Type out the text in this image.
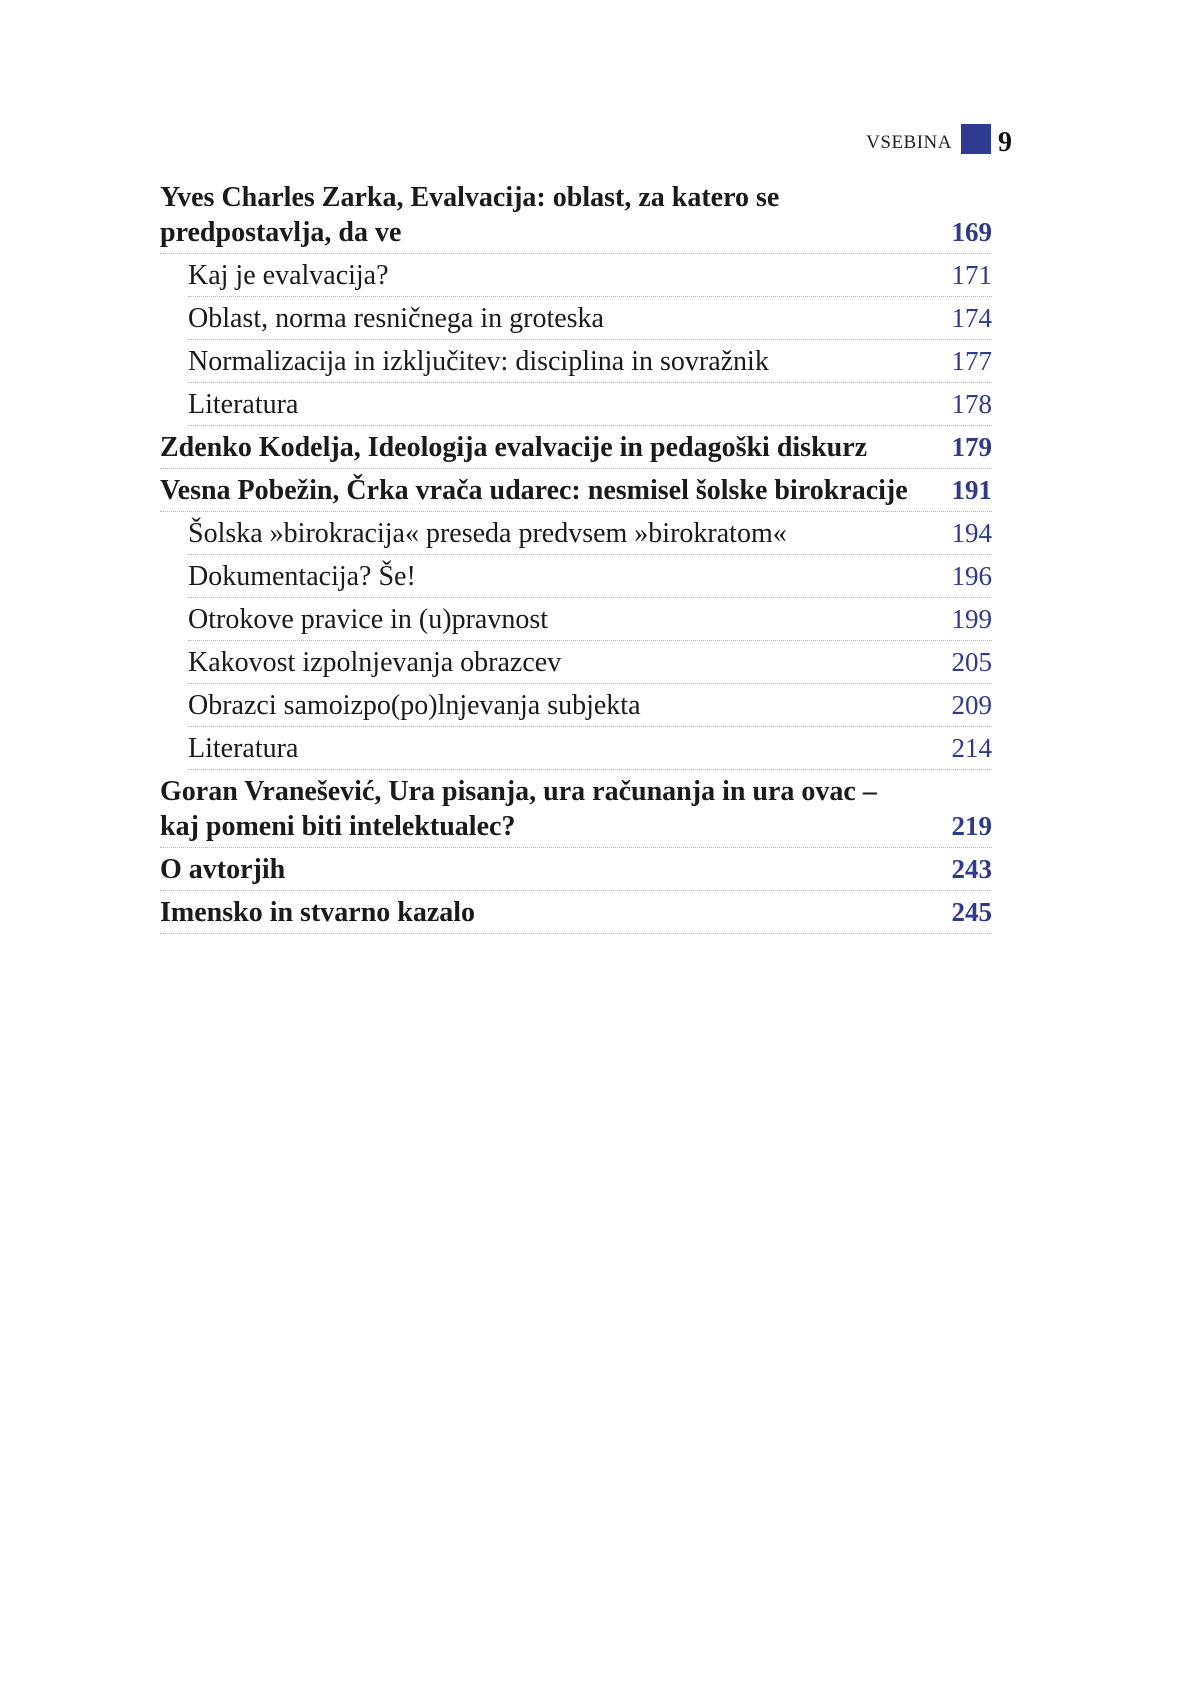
VSEBINA 9
Yves Charles Zarka, Evalvacija: oblast, za katero se predpostavlja, da ve	169
Kaj je evalvacija?	171
Oblast, norma resničnega in groteska	174
Normalizacija in izključitev: disciplina in sovražnik	177
Literatura	178
Zdenko Kodelja, Ideologija evalvacije in pedagoški diskurz	179
Vesna Pobežin, Črka vrača udarec: nesmisel šolske birokracije	191
Šolska »birokracija« preseda predvsem »birokratom«	194
Dokumentacija? Še!	196
Otrokove pravice in (u)pravnost	199
Kakovost izpolnjevanja obrazcev	205
Obrazci samoizpo(po)lnjevanja subjekta	209
Literatura	214
Goran Vranešević, Ura pisanja, ura računanja in ura ovac – kaj pomeni biti intelektualec?	219
O avtorjih	243
Imensko in stvarno kazalo	245
